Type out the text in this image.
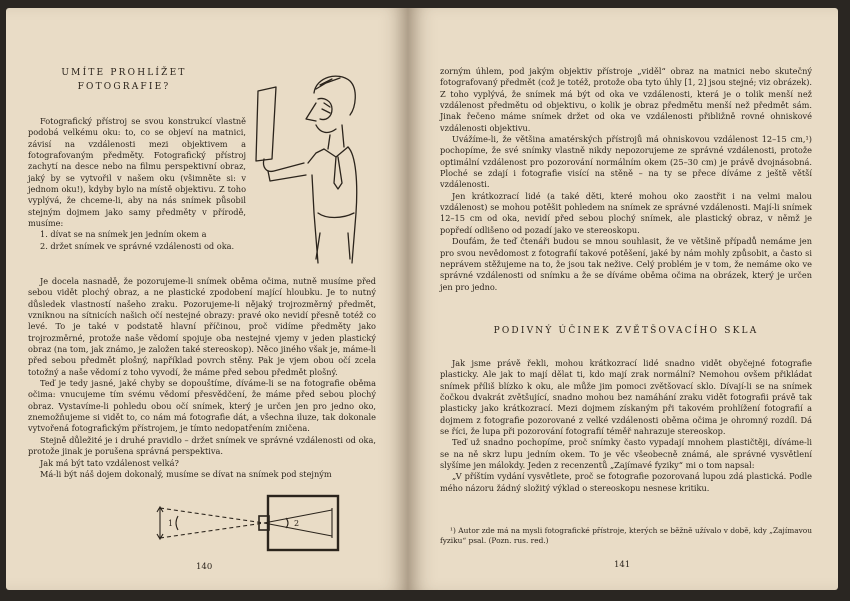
UMÍTE PROHLÍŽET
FOTOGRAFIE?

Fotografický přístroj se svou konstrukcí vlastně podobá velkému oku: to, co se objeví na matnici, závisí na vzdálenosti mezi objektivem a fotografovaným předměty. Fotografický přístroj zachytí na desce nebo na filmu perspektivní obraz, jaký by se vytvořil v našem oku (všimněte si: v jednom oku!), kdyby bylo na místě objektivu. Z toho vyplývá, že chceme-li, aby na nás snímek působil stejným dojmem jako samy předměty v přírodě, musíme:

1. dívat se na snímek jen jedním okem a

2. držet snímek ve správné vzdálenosti od oka.

Je docela nasnadě, že pozorujeme-li snímek oběma očima, nutně musíme před sebou vidět plochý obraz, a ne plastické zpodobení mající hloubku. Je to nutný důsledek vlastností našeho zraku. Pozorujeme-li nějaký trojrozměrný předmět, vzniknou na sítnicích našich očí nestejné obrazy: pravé oko nevidí přesně totéž co levé. To je také v podstatě hlavní příčinou, proč vidíme předměty jako trojrozměrné, protože naše vědomí spojuje oba nestejné vjemy v jeden plastický obraz (na tom, jak známo, je založen také stereoskop). Něco jiného však je, máme-li před sebou předmět plošný, například povrch stěny. Pak je vjem obou očí zcela totožný a naše vědomí z toho vyvodí, že máme před sebou předmět plošný.

Teď je tedy jasné, jaké chyby se dopouštíme, díváme-li se na fotografie oběma očima: vnucujeme tím svému vědomí přesvědčení, že máme před sebou plochý obraz. Vystavíme-li pohledu obou očí snímek, který je určen jen pro jedno oko, znemožňujeme si vidět to, co nám má fotografie dát, a všechna iluze, tak dokonale vytvořená fotografickým přístrojem, je tímto nedopatřením zničena.

Stejně důležité je i druhé pravidlo – držet snímek ve správné vzdálenosti od oka, protože jinak je porušena správná perspektiva.

Jak má být tato vzdálenost velká?

Má-li být náš dojem dokonalý, musíme se dívat na snímek pod stejným

1	2
140

zorným úhlem, pod jakým objektiv přístroje „viděl“ obraz na matnici nebo skutečný fotografovaný předmět (což je totéž, protože oba tyto úhly [1, 2] jsou stejné; viz obrázek). Z toho vyplývá, že snímek má být od oka ve vzdálenosti, která je o tolik menší než vzdálenost předmětu od objektivu, o kolik je obraz předmětu menší než předmět sám. Jinak řečeno máme snímek držet od oka ve vzdálenosti přibližně rovné ohniskové vzdálenosti objektivu.

Uvážíme-li, že většina amatérských přístrojů má ohniskovou vzdálenost 12–15 cm,¹) pochopíme, že své snímky vlastně nikdy nepozorujeme ze správné vzdálenosti, protože optimální vzdálenost pro pozorování normálním okem (25–30 cm) je právě dvojnásobná. Ploché se zdají i fotografie visící na stěně – na ty se přece díváme z ještě větší vzdálenosti.

Jen krátkozrací lidé (a také děti, které mohou oko zaostřit i na velmi malou vzdálenost) se mohou potěšit pohledem na snímek ze správné vzdálenosti. Mají-li snímek 12–15 cm od oka, nevidí před sebou plochý snímek, ale plastický obraz, v němž je popředí odlišeno od pozadí jako ve stereoskopu.

Doufám, že teď čtenáři budou se mnou souhlasit, že ve většině případů nemáme jen pro svou nevědomost z fotografií takové potěšení, jaké by nám mohly způsobit, a často si neprávem stěžujeme na to, že jsou tak nežive. Celý problém je v tom, že nemáme oko ve správné vzdálenosti od snímku a že se díváme oběma očima na obrázek, který je určen jen pro jedno.

PODIVNÝ ÚČINEK ZVĚTŠOVACÍHO SKLA

Jak jsme právě řekli, mohou krátkozrací lidé snadno vidět obyčejné fotografie plasticky. Ale jak to mají dělat ti, kdo mají zrak normální? Nemohou ovšem přikládat snímek příliš blízko k oku, ale může jim pomoci zvětšovací sklo. Dívají-li se na snímek čočkou dvakrát zvětšující, snadno mohou bez namáhání zraku vidět fotografii právě tak plasticky jako krátkozrací. Mezi dojmem získaným při takovém prohlížení fotografií a dojmem z fotografie pozorované z velké vzdálenosti oběma očima je ohromný rozdíl. Dá se říci, že lupa při pozorování fotografií téměř nahrazuje stereoskop.

Teď už snadno pochopíme, proč snímky často vypadají mnohem plastičtěji, díváme-li se na ně skrz lupu jedním okem. To je věc všeobecně známá, ale správné vysvětlení slyšíme jen málokdy. Jeden z recenzentů „Zajímavé fyziky“ mi o tom napsal:

„V příštím vydání vysvětlete, proč se fotografie pozorovaná lupou zdá plastická. Podle mého názoru žádný složitý výklad o stereoskopu nesnese kritiku.

¹) Autor zde má na mysli fotografické přístroje, kterých se běžně užívalo v době, kdy „Zajímavou fyziku“ psal. (Pozn. rus. red.)

141
